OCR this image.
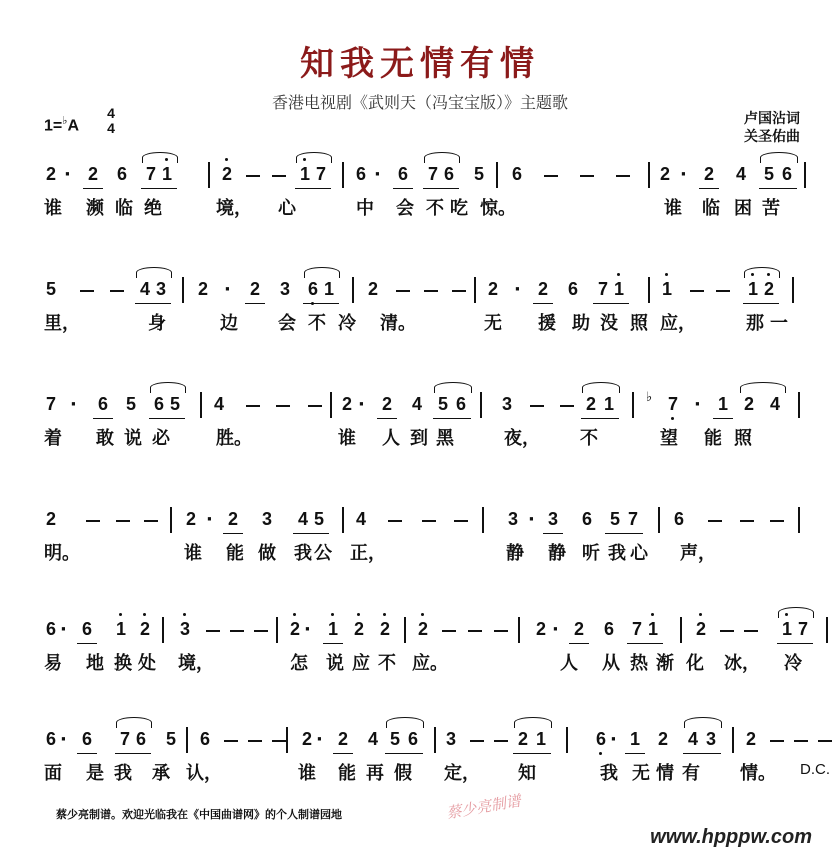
知我无情有情
香港电视剧《武则天（冯宝宝版）》主题歌
1=♭A
4
4
卢国沾词
关圣佑曲
2 · 2 6 7 1	2	1 7 6 · 6 7 6 5 6	2 · 2 4 5 6
谁 濒 临 绝	境， 心	中 会 不 吃 惊。	谁 临 困 苦
5	4 3 2 · 2 3 6 1 2	2 · 2 6 7 1 1	1 2
里，	身	边 会 不 冷 清。	无 援 助 没 照 应，	那 一
7 · 6 5 6 5 4	2 · 2 4 5 6 3	2 1 ♭ 7 · 1 2 4
着 敢 说 必	胜。	谁 人 到 黑	夜， 不	望 能 照
2	2 · 2 3 4 5 4	3 · 3 6 5 7 6
明。	谁 能 做 我 公 正，	静 静 听 我 心 声，
6 · 6 1 2 3	2 · 1 2 2 2	2 · 2 6 7 1 2	1 7
易 地 换 处 境，	怎 说 应 不 应。	人 从 热 渐 化 冰， 冷
6 · 6 7 6 5 6	2 · 2 4 5 6 3	2 1	6 · 1 2 4 3 2
面 是 我 承 认，	谁 能 再 假 定， 知	我 无 情 有 情。 D.C.
蔡少亮制谱。欢迎光临我在《中国曲谱网》的个人制谱园地	蔡少亮制谱
www.hpppw.com
